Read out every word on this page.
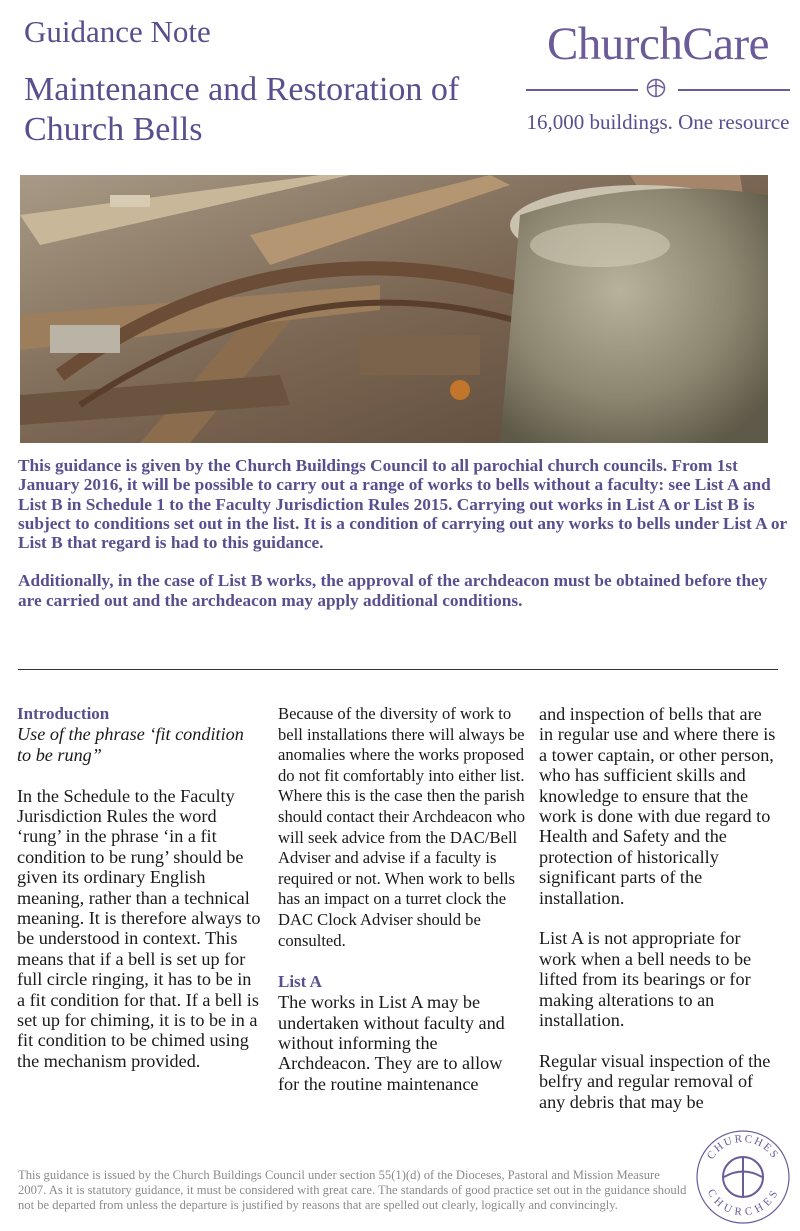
Guidance Note
Maintenance and Restoration of Church Bells
ChurchCare
16,000 buildings. One resource

This guidance is given by the Church Buildings Council to all parochial church councils. From 1st January 2016, it will be possible to carry out a range of works to bells without a faculty: see List A and List B in Schedule 1 to the Faculty Jurisdiction Rules 2015. Carrying out works in List A or List B is subject to conditions set out in the list. It is a condition of carrying out any works to bells under List A or List B that regard is had to this guidance.

Additionally, in the case of List B works, the approval of the archdeacon must be obtained before they are carried out and the archdeacon may apply additional conditions.

Introduction

Use of the phrase ‘fit condition to be rung”

In the Schedule to the Faculty Jurisdiction Rules the word ‘rung’ in the phrase ‘in a fit condition to be rung’ should be given its ordinary English meaning, rather than a technical meaning. It is therefore always to be understood in context. This means that if a bell is set up for full circle ringing, it has to be in a fit condition for that. If a bell is set up for chiming, it is to be in a fit condition to be chimed using the mechanism provided.

Because of the diversity of work to bell installations there will always be anomalies where the works proposed do not fit comfortably into either list. Where this is the case then the parish should contact their Archdeacon who will seek advice from the DAC/Bell Adviser and advise if a faculty is required or not. When work to bells has an impact on a turret clock the DAC Clock Adviser should be consulted.

List A

The works in List A may be undertaken without faculty and without informing the Archdeacon. They are to allow for the routine maintenance

and inspection of bells that are in regular use and where there is a tower captain, or other person, who has sufficient skills and knowledge to ensure that the work is done with due regard to Health and Safety and the protection of historically significant parts of the installation.

List A is not appropriate for work when a bell needs to be lifted from its bearings or for making alterations to an installation.

Regular visual inspection of the belfry and regular removal of any debris that may be

This guidance is issued by the Church Buildings Council under section 55(1)(d) of the Dioceses, Pastoral and Mission Measure 2007. As it is statutory guidance, it must be considered with great care. The standards of good practice set out in the guidance should not be departed from unless the departure is justified by reasons that are spelled out clearly, logically and convincingly.
CHURCHES
CHURCHES
